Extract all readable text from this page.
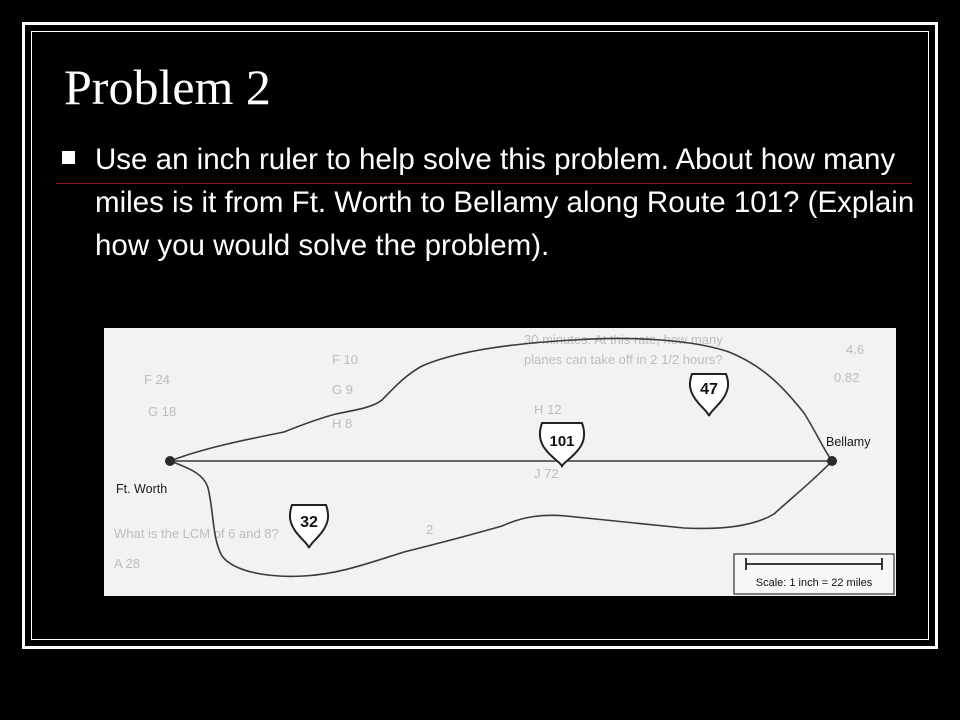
Problem 2

Use an inch ruler to help solve this problem. About how many miles is it from Ft. Worth to Bellamy along Route 101? (Explain how you would solve the problem).

30 minutes. At this rate, how many
planes can take off in 2 1/2 hours?
F 10
G 9
H 8
4.6
0.82
F 24
G 18	H 12
J 72
What is the LCM of 6 and 8?
A 28
2
Ft. Worth
Bellamy
47
101
32
Scale: 1 inch = 22 miles
